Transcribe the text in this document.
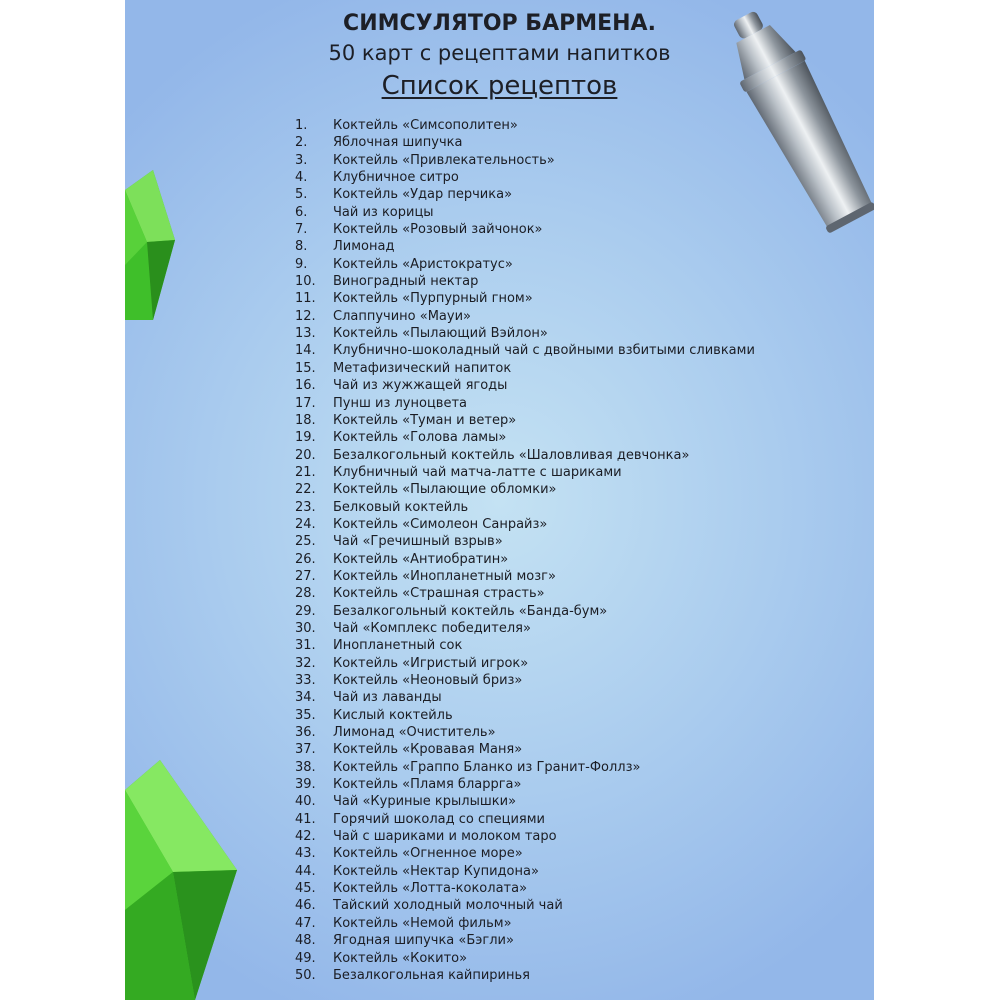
СИМСУЛЯТОР БАРМЕНА.
50 карт с рецептами напитков
Список рецептов
1. Коктейль «Симсополитен»
2. Яблочная шипучка
3. Коктейль «Привлекательность»
4. Клубничное ситро
5. Коктейль «Удар перчика»
6. Чай из корицы
7. Коктейль «Розовый зайчонок»
8. Лимонад
9. Коктейль «Аристократус»
10. Виноградный нектар
11. Коктейль «Пурпурный гном»
12. Слаппучино «Мауи»
13. Коктейль «Пылающий Вэйлон»
14. Клубнично-шоколадный чай с двойными взбитыми сливками
15. Метафизический напиток
16. Чай из жужжащей ягоды
17. Пунш из луноцвета
18. Коктейль «Туман и ветер»
19. Коктейль «Голова ламы»
20. Безалкогольный коктейль «Шаловливая девчонка»
21. Клубничный чай матча-латте с шариками
22. Коктейль «Пылающие обломки»
23. Белковый коктейль
24. Коктейль «Симолеон Санрайз»
25. Чай «Гречишный взрыв»
26. Коктейль «Антиобратин»
27. Коктейль «Инопланетный мозг»
28. Коктейль «Страшная страсть»
29. Безалкогольный коктейль «Банда-бум»
30. Чай «Комплекс победителя»
31. Инопланетный сок
32. Коктейль «Игристый игрок»
33. Коктейль «Неоновый бриз»
34. Чай из лаванды
35. Кислый коктейль
36. Лимонад «Очиститель»
37. Коктейль «Кровавая Маня»
38. Коктейль «Граппо Бланко из Гранит-Фоллз»
39. Коктейль «Пламя бларрга»
40. Чай «Куриные крылышки»
41. Горячий шоколад со специями
42. Чай с шариками и молоком таро
43. Коктейль «Огненное море»
44. Коктейль «Нектар Купидона»
45. Коктейль «Лотта-коколата»
46. Тайский холодный молочный чай
47. Коктейль «Немой фильм»
48. Ягодная шипучка «Бэгли»
49. Коктейль «Кокито»
50. Безалкогольная кайпиринья
